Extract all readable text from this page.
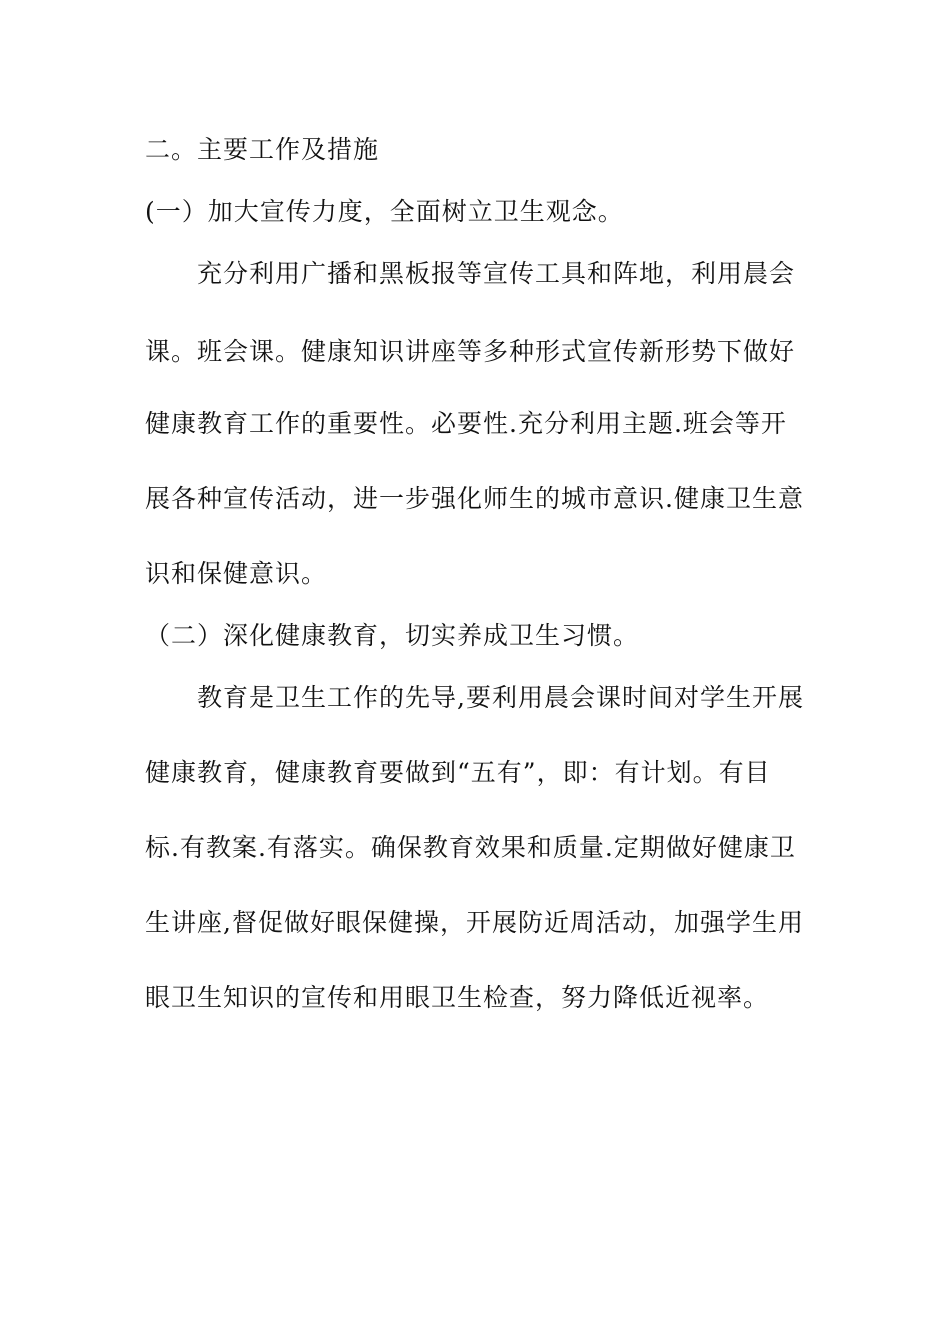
二。主要工作及措施
(一）加大宣传力度，全面树立卫生观念。
充分利用广播和黑板报等宣传工具和阵地，利用晨会
课。班会课。健康知识讲座等多种形式宣传新形势下做好
健康教育工作的重要性。必要性.充分利用主题.班会等开
展各种宣传活动，进一步强化师生的城市意识.健康卫生意
识和保健意识。
（二）深化健康教育，切实养成卫生习惯。
教育是卫生工作的先导,要利用晨会课时间对学生开展
健康教育，健康教育要做到“五有”，即：有计划。有目
标.有教案.有落实。确保教育效果和质量.定期做好健康卫
生讲座,督促做好眼保健操，开展防近周活动，加强学生用
眼卫生知识的宣传和用眼卫生检查，努力降低近视率。
